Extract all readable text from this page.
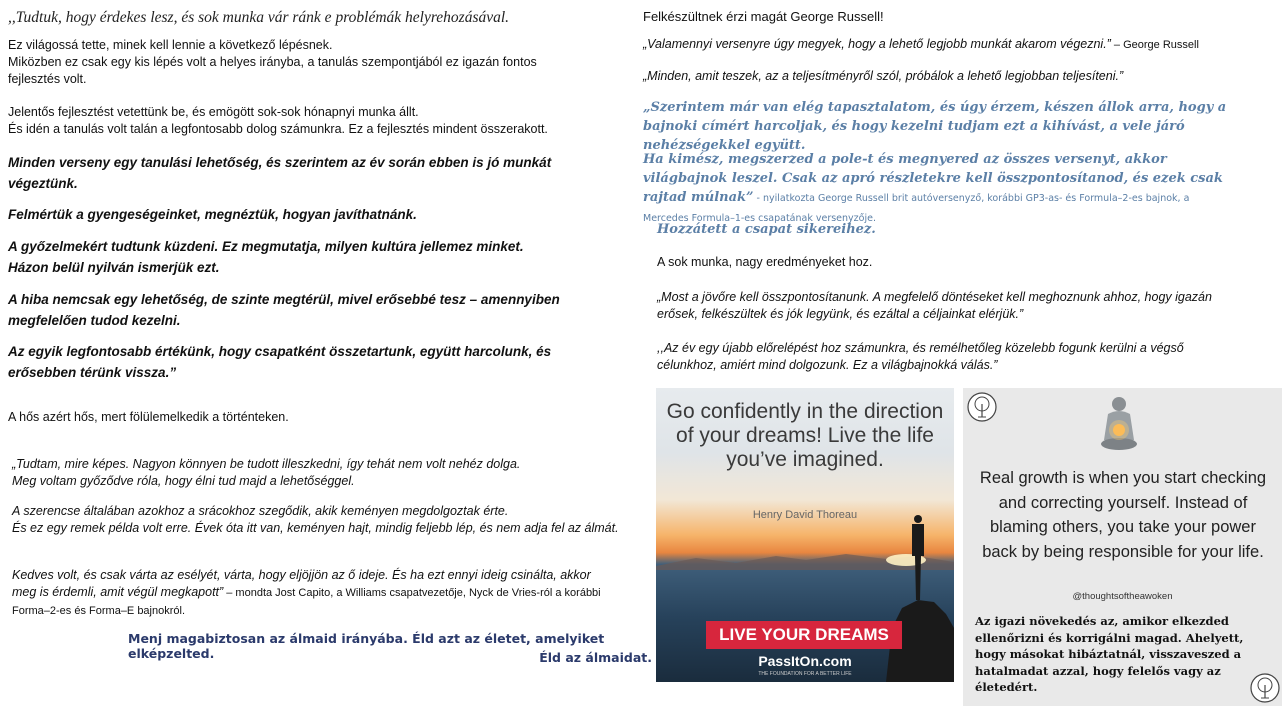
,,Tudtuk, hogy érdekes lesz, és sok munka vár ránk e problémák helyrehozásával.

Ez világossá tette, minek kell lennie a következő lépésnek.

Miközben ez csak egy kis lépés volt a helyes irányba, a tanulás szempontjából ez igazán fontos fejlesztés volt.

Jelentős fejlesztést vetettünk be, és emögött sok-sok hónapnyi munka állt.

És idén a tanulás volt talán a legfontosabb dolog számunkra. Ez a fejlesztés mindent összerakott.

Minden verseny egy tanulási lehetőség, és szerintem az év során ebben is jó munkát végeztünk.

Felmértük a gyengeségeinket, megnéztük, hogyan javíthatnánk.

A győzelmekért tudtunk küzdeni. Ez megmutatja, milyen kultúra jellemez minket.

Házon belül nyilván ismerjük ezt.

A hiba nemcsak egy lehetőség, de szinte megtérül, mivel erősebbé tesz – amennyiben megfelelően tudod kezelni.

Az egyik legfontosabb értékünk, hogy csapatként összetartunk, együtt harcolunk, és erősebben térünk vissza.”

A hős azért hős, mert fölülemelkedik a történteken.

„Tudtam, mire képes. Nagyon könnyen be tudott illeszkedni, így tehát nem volt nehéz dolga.

Meg voltam győződve róla, hogy élni tud majd a lehetőséggel.

A szerencse általában azokhoz a srácokhoz szegődik, akik keményen megdolgoztak érte.

És ez egy remek példa volt erre. Évek óta itt van, keményen hajt, mindig feljebb lép, és nem adja fel az álmát.

Kedves volt, és csak várta az esélyét, várta, hogy eljöjjön az ő ideje. És ha ezt ennyi ideig csinálta, akkor meg is érdemli, amit végül megkapott” – mondta Jost Capito, a Williams csapatvezetője, Nyck de Vries-ról a korábbi Forma–2-es és Forma–E bajnokról.

Menj magabiztosan az álmaid irányába. Éld azt az életet, amelyiket elképzelted.	Éld az álmaidat.

Felkészültnek érzi magát George Russell!

„Valamennyi versenyre úgy megyek, hogy a lehető legjobb munkát akarom végezni.” – George Russell

„Minden, amit teszek, az a teljesítményről szól, próbálok a lehető legjobban teljesíteni.”

„Szerintem már van elég tapasztalatom, és úgy érzem, készen állok arra, hogy a bajnoki címért harcoljak, és hogy kezelni tudjam ezt a kihívást, a vele járó nehézségekkel együtt.

Ha kimész, megszerzed a pole-t és megnyered az összes versenyt, akkor világbajnok leszel. Csak az apró részletekre kell összpontosítanod, és ezek csak rajtad múlnak” - nyilatkozta George Russell brit autóversenyző, korábbi GP3-as- és Formula–2-es bajnok, a Mercedes Formula–1-es csapatának versenyzője.

Hozzátett a csapat sikereihez.

A sok munka, nagy eredményeket hoz.

„Most a jövőre kell összpontosítanunk. A megfelelő döntéseket kell meghoznunk ahhoz, hogy igazán erősek, felkészültek és jók legyünk, és ezáltal a céljainkat elérjük.”

,,Az év egy újabb előrelépést hoz számunkra, és remélhetőleg közelebb fogunk kerülni a végső célunkhoz, amiért mind dolgozunk. Ez a világbajnokká válás.”

Go confidently in the direction of your dreams! Live the life you’ve imagined.
Henry David Thoreau
LIVE YOUR DREAMS
PassItOn.com
THE FOUNDATION FOR A BETTER LIFE
Real growth is when you start checking and correcting yourself. Instead of blaming others, you take your power back by being responsible for your life.
@thoughtsoftheawoken
Az igazi növekedés az, amikor elkezded ellenőrizni és korrigálni magad. Ahelyett, hogy másokat hibáztatnál, visszaveszed a hatalmadat azzal, hogy felelős vagy az életedért.
